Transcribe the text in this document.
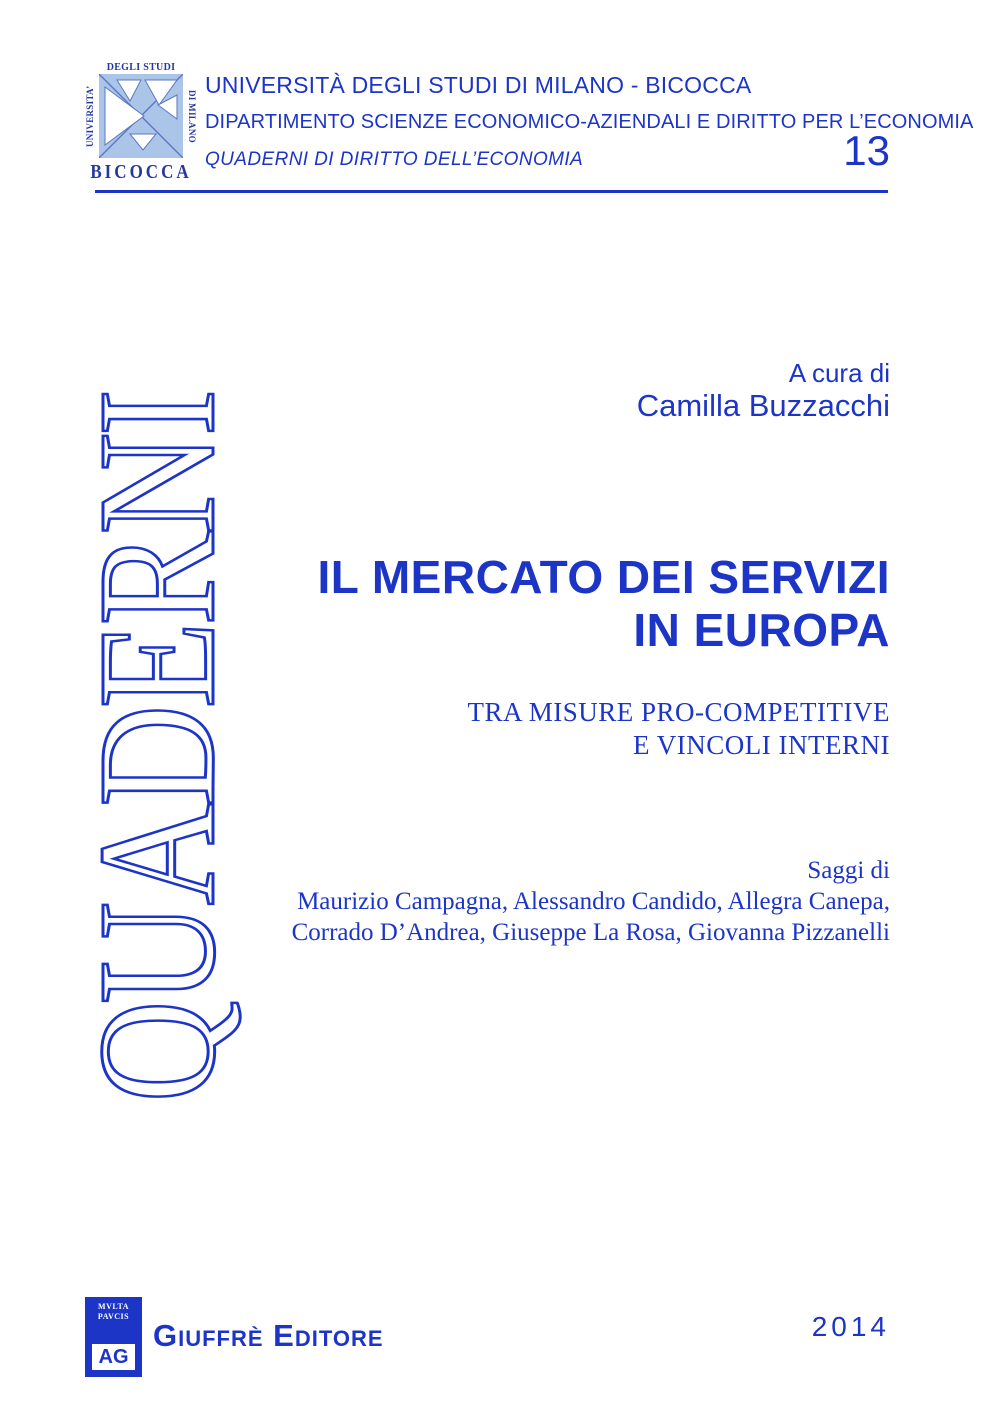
DEGLI STUDI
UNIVERSITA’	DI MILANO
BICOCCA
UNIVERSITÀ DEGLI STUDI DI MILANO - BICOCCA
DIPARTIMENTO SCIENZE ECONOMICO-AZIENDALI E DIRITTO PER L’ECONOMIA
QUADERNI DI DIRITTO DELL’ECONOMIA	13
QUADERNI
A cura di
Camilla Buzzacchi
IL MERCATO DEI SERVIZI
IN EUROPA
TRA MISURE PRO-COMPETITIVE
E VINCOLI INTERNI
Saggi di
Maurizio Campagna, Alessandro Candido, Allegra Canepa,
Corrado D’Andrea, Giuseppe La Rosa, Giovanna Pizzanelli
MVLTA
PAVCIS
AG
Giuffrè Editore	2014
